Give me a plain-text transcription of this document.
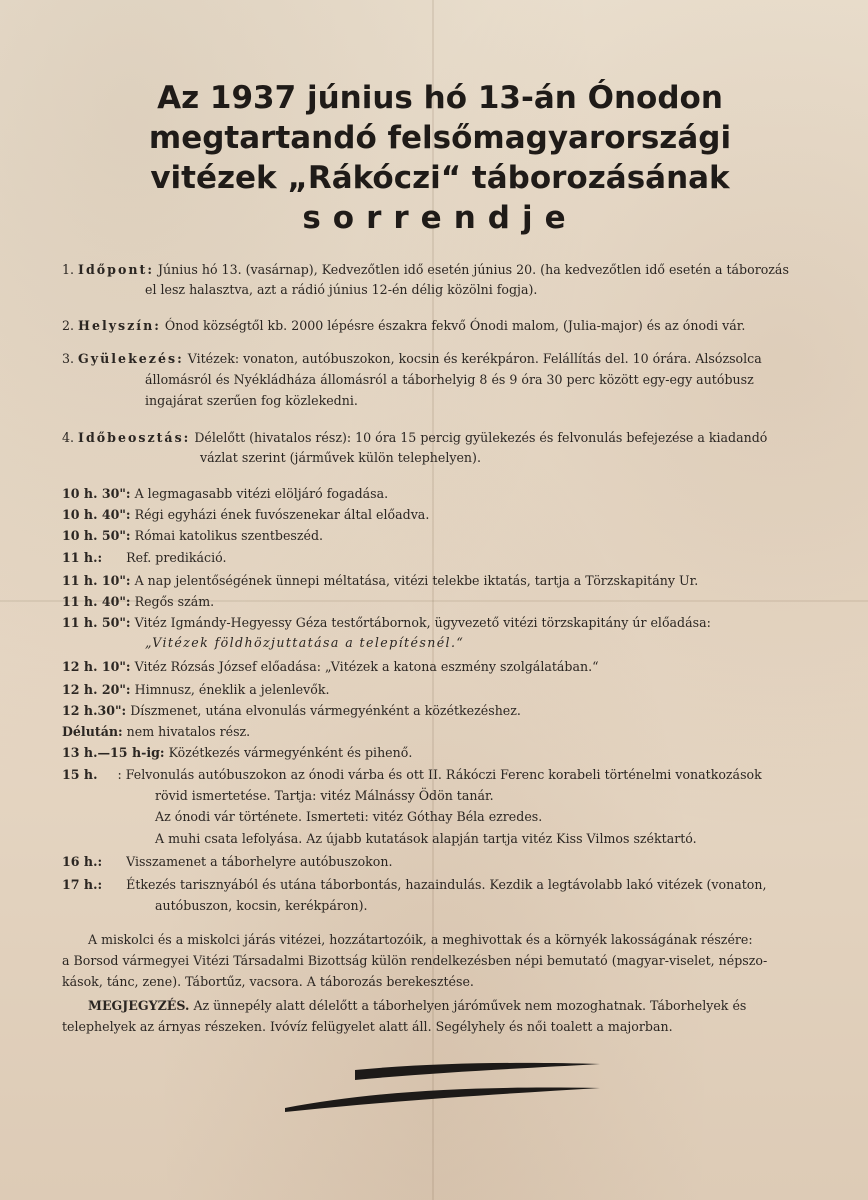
Az 1937 június hó 13-án Ónodon
megtartandó felsőmagyarországi
vitézek „Rákóczi“ táborozásának
sorrendje
1. Időpont: Június hó 13. (vasárnap), Kedvezőtlen idő esetén június 20. (ha kedvezőtlen idő esetén a táborozás
el lesz halasztva, azt a rádió június 12-én délig közölni fogja).
2. Helyszín: Ónod községtől kb. 2000 lépésre északra fekvő Ónodi malom, (Julia-major) és az ónodi vár.
3. Gyülekezés: Vitézek: vonaton, autóbuszokon, kocsin és kerékpáron. Felállítás del. 10 órára. Alsózsolca
állomásról és Nyékládháza állomásról a táborhelyig 8 és 9 óra 30 perc között egy-egy autóbusz
ingajárat szerűen fog közlekedni.
4. Időbeosztás: Délelőtt (hivatalos rész): 10 óra 15 percig gyülekezés és felvonulás befejezése a kiadandó
vázlat szerint (járművek külön telephelyen).
10 h. 30": A legmagasabb vitézi elöljáró fogadása.
10 h. 40": Régi egyházi ének fuvószenekar által előadva.
10 h. 50": Római katolikus szentbeszéd.
11 h.:      Ref. predikáció.
11 h. 10": A nap jelentőségének ünnepi méltatása, vitézi telekbe iktatás, tartja a Törzskapitány Ur.
11 h. 40": Regős szám.
11 h. 50": Vitéz Igmándy-Hegyessy Géza testőrtábornok, ügyvezető vitézi törzskapitány úr előadása:
„Vitézek földhözjuttatása a telepítésnél.“
12 h. 10": Vitéz Rózsás József előadása: „Vitézek a katona eszmény szolgálatában.“
12 h. 20": Himnusz, éneklik a jelenlevők.
12 h.30": Díszmenet, utána elvonulás vármegyénként a közétkezéshez.
Délután: nem hivatalos rész.
13 h.—15 h-ig: Közétkezés vármegyénként és pihenő.
15 h.     : Felvonulás autóbuszokon az ónodi várba és ott II. Rákóczi Ferenc korabeli történelmi vonatkozások
rövid ismertetése. Tartja: vitéz Málnássy Ödön tanár.
Az ónodi vár története. Ismerteti: vitéz Góthay Béla ezredes.
A muhi csata lefolyása. Az újabb kutatások alapján tartja vitéz Kiss Vilmos széktartó.
16 h.:      Visszamenet a táborhelyre autóbuszokon.
17 h.:      Étkezés tarisznyából és utána táborbontás, hazaindulás. Kezdik a legtávolabb lakó vitézek (vonaton,
autóbuszon, kocsin, kerékpáron).
A miskolci és a miskolci járás vitézei, hozzátartozóik, a meghivottak és a környék lakosságának részére:
a Borsod vármegyei Vitézi Társadalmi Bizottság külön rendelkezésben népi bemutató (magyar-viselet, népszo-
kások, tánc, zene). Tábortűz, vacsora. A táborozás berekesztése.
MEGJEGYZÉS. Az ünnepély alatt délelőtt a táborhelyen járóművek nem mozoghatnak. Táborhelyek és
telephelyek az árnyas részeken. Ivóvíz felügyelet alatt áll. Segélyhely és női toalett a majorban.
